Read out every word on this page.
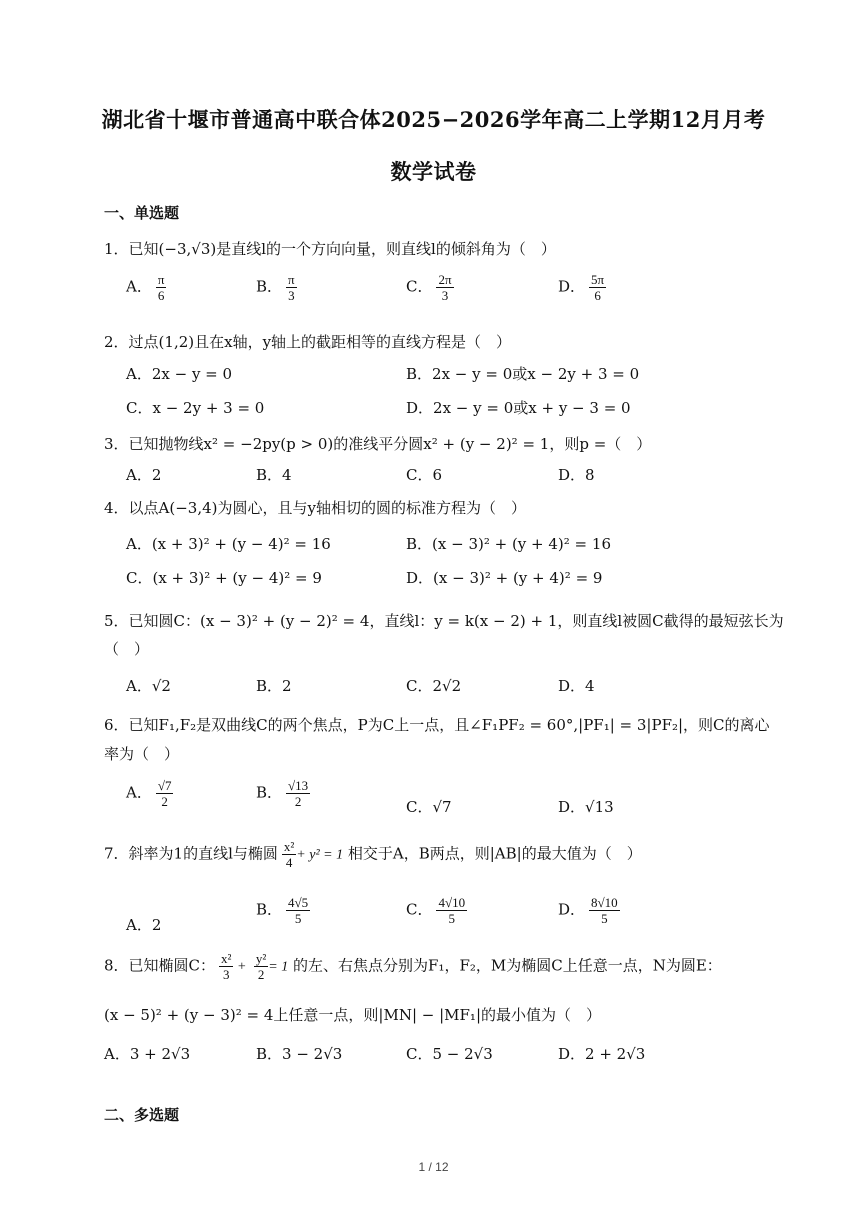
湖北省十堰市普通高中联合体2025−2026学年高二上学期12月月考
数学试卷
一、单选题
1．已知(−3,√3)是直线l的一个方向向量，则直线l的倾斜角为（　）
A． $\frac{\pi}{6}$	B． $\frac{\pi}{3}$	C． $\frac{2\pi}{3}$	D． $\frac{5\pi}{6}$
2．过点(1,2)且在x轴，y轴上的截距相等的直线方程是（　）
A．2x − y = 0	B．2x − y = 0或x − 2y + 3 = 0
C．x − 2y + 3 = 0	D．2x − y = 0或x + y − 3 = 0
3．已知抛物线x² = −2py(p > 0)的准线平分圆x² + (y − 2)² = 1，则p =（　）
A．2	B．4	C．6	D．8
4．以点A(−3,4)为圆心，且与y轴相切的圆的标准方程为（　）
A．(x + 3)² + (y − 4)² = 16	B．(x − 3)² + (y + 4)² = 16
C．(x + 3)² + (y − 4)² = 9	D．(x − 3)² + (y + 4)² = 9
5．已知圆C：(x − 3)² + (y − 2)² = 4，直线l：y = k(x − 2) + 1，则直线l被圆C截得的最短弦长为
（　）
A．√2	B．2	C．2√2	D．4
6．已知F₁,F₂是双曲线C的两个焦点，P为C上一点，且∠F₁PF₂ = 60°,|PF₁| = 3|PF₂|，则C的离心
率为（　）
A． $\frac{√7}{2}$	B． $\frac{√13}{2}$	C．√7	D．√13
7．斜率为1的直线l与椭圆 $\frac{\text{x²}}{4} + y^2 = 1$ 相交于A，B两点，则|AB|的最大值为（　）
A．2
B． $\frac{4√5}{5}$	C． $\frac{4√10}{5}$	D． $\frac{8√10}{5}$
8．已知椭圆C： $\frac{\text{x²}}{3} + \frac{\text{y²}}{2} = 1$ 的左、右焦点分别为F₁，F₂，M为椭圆C上任意一点，N为圆E：
(x − 5)² + (y − 3)² = 4上任意一点，则|MN| − |MF₁|的最小值为（　）
A．3 + 2√3	B．3 − 2√3	C．5 − 2√3	D．2 + 2√3
二、多选题
1 / 12
